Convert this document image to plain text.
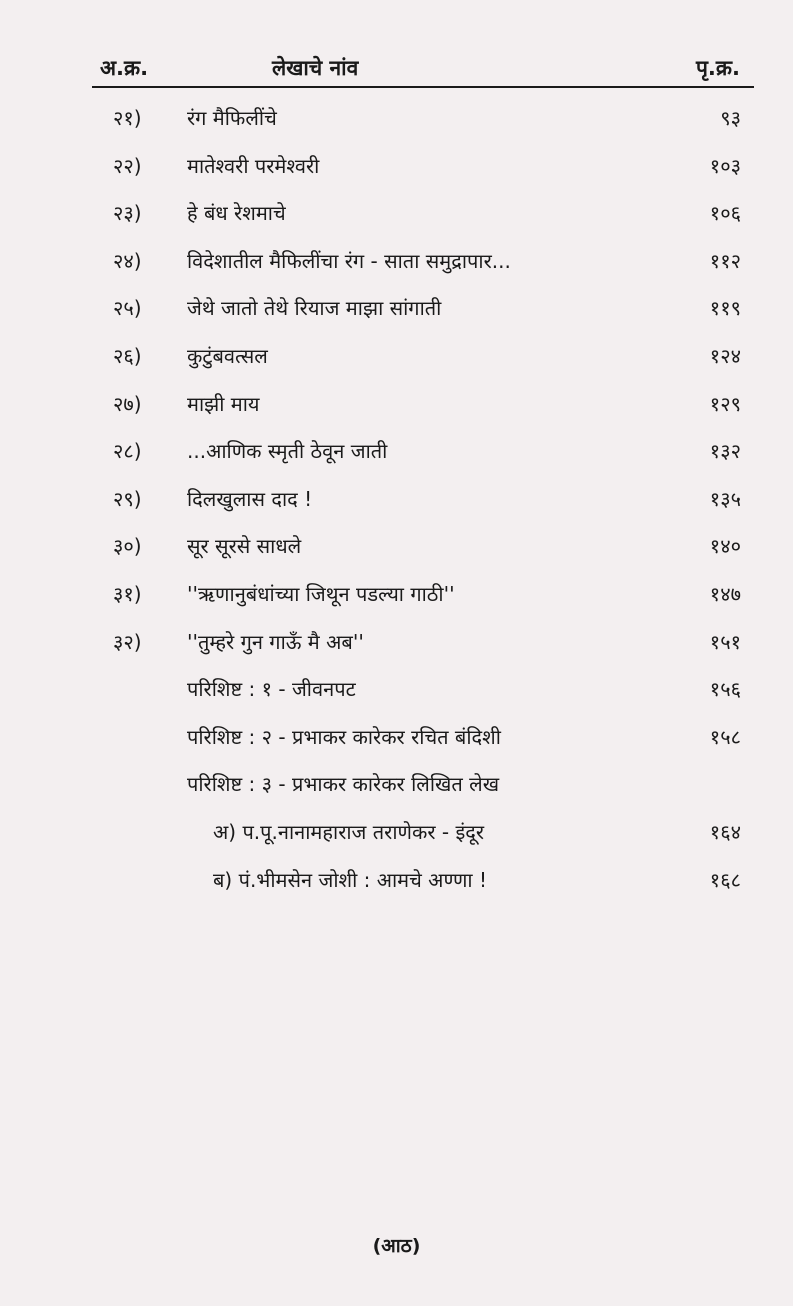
अ.क्र.	लेखाचे नांव	पृ.क्र.
२१) रंग मैफिलींचे	९३
२२) मातेश्वरी परमेश्वरी	१०३
२३) हे बंध रेशमाचे	१०६
२४) विदेशातील मैफिलींचा रंग - साता समुद्रापार...	११२
२५) जेथे जातो तेथे रियाज माझा सांगाती	११९
२६) कुटुंबवत्सल	१२४
२७) माझी माय	१२९
२८) ...आणिक स्मृती ठेवून जाती	१३२
२९) दिलखुलास दाद !	१३५
३०) सूर सूरसे साधले	१४०
३१) ''ऋणानुबंधांच्या जिथून पडल्या गाठी''	१४७
३२) ''तुम्हरे गुन गाऊँ मै अब''	१५१
परिशिष्ट : १ - जीवनपट	१५६
परिशिष्ट : २ - प्रभाकर कारेकर रचित बंदिशी	१५८
परिशिष्ट : ३ - प्रभाकर कारेकर लिखित लेख
अ) प.पू.नानामहाराज तराणेकर - इंदूर	१६४
ब) पं.भीमसेन जोशी : आमचे अण्णा !	१६८
(आठ)
